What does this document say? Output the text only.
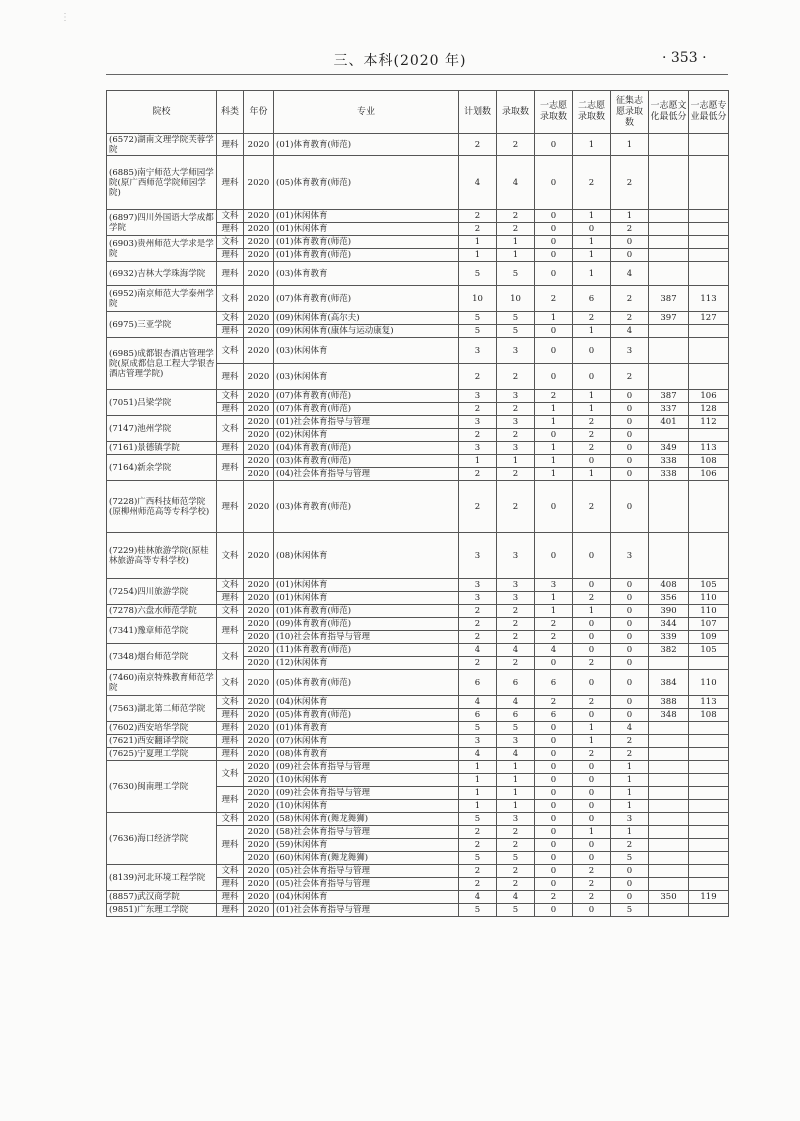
⋮
三、本科(2020 年)	· 353 ·
院校	科类	年份	专业	计划数	录取数	一志愿录取数	二志愿录取数	征集志愿录取数	一志愿文化最低分	一志愿专业最低分
(6572)湖南文理学院芙蓉学院	理科	2020	(01)体育教育(师范)	2	2	0	1	1		
(6885)南宁师范大学师园学院(原广西师范学院师园学院)	理科	2020	(05)体育教育(师范)	4	4	0	2	2		
(6897)四川外国语大学成都学院	文科	2020	(01)休闲体育	2	2	0	1	1		
	理科	2020	(01)休闲体育	2	2	0	0	2		
(6903)贵州师范大学求是学院	文科	2020	(01)体育教育(师范)	1	1	0	1	0		
	理科	2020	(01)体育教育(师范)	1	1	0	1	0		
(6932)吉林大学珠海学院	理科	2020	(03)体育教育	5	5	0	1	4		
(6952)南京师范大学泰州学院	文科	2020	(07)体育教育(师范)	10	10	2	6	2	387	113
(6975)三亚学院	文科	2020	(09)休闲体育(高尔夫)	5	5	1	2	2	397	127
	理科	2020	(09)休闲体育(康体与运动康复)	5	5	0	1	4		
(6985)成都银杏酒店管理学院(原成都信息工程大学银杏酒店管理学院)	文科	2020	(03)休闲体育	3	3	0	0	3		
	理科	2020	(03)休闲体育	2	2	0	0	2		
(7051)吕梁学院	文科	2020	(07)体育教育(师范)	3	3	2	1	0	387	106
	理科	2020	(07)体育教育(师范)	2	2	1	1	0	337	128
(7147)池州学院	文科	2020	(01)社会体育指导与管理	3	3	1	2	0	401	112
		2020	(02)休闲体育	2	2	0	2	0		
(7161)景德镇学院	理科	2020	(04)体育教育(师范)	3	3	1	2	0	349	113
(7164)新余学院	理科	2020	(03)体育教育(师范)	1	1	1	0	0	338	108
		2020	(04)社会体育指导与管理	2	2	1	1	0	338	106
(7228)广西科技师范学院(原柳州师范高等专科学校)	理科	2020	(03)体育教育(师范)	2	2	0	2	0		
(7229)桂林旅游学院(原桂林旅游高等专科学校)	文科	2020	(08)休闲体育	3	3	0	0	3		
(7254)四川旅游学院	文科	2020	(01)休闲体育	3	3	3	0	0	408	105
	理科	2020	(01)休闲体育	3	3	1	2	0	356	110
(7278)六盘水师范学院	文科	2020	(01)体育教育(师范)	2	2	1	1	0	390	110
(7341)豫章师范学院	理科	2020	(09)体育教育(师范)	2	2	2	0	0	344	107
		2020	(10)社会体育指导与管理	2	2	2	0	0	339	109
(7348)烟台师范学院	文科	2020	(11)体育教育(师范)	4	4	4	0	0	382	105
		2020	(12)休闲体育	2	2	0	2	0		
(7460)南京特殊教育师范学院	文科	2020	(05)体育教育(师范)	6	6	6	0	0	384	110
(7563)湖北第二师范学院	文科	2020	(04)休闲体育	4	4	2	2	0	388	113
	理科	2020	(05)体育教育(师范)	6	6	6	0	0	348	108
(7602)西安培华学院	理科	2020	(01)体育教育	5	5	0	1	4		
(7621)西安翻译学院	理科	2020	(07)休闲体育	3	3	0	1	2		
(7625)宁夏理工学院	理科	2020	(08)体育教育	4	4	0	2	2		
(7630)闽南理工学院	文科	2020	(09)社会体育指导与管理	1	1	0	0	1		
		2020	(10)休闲体育	1	1	0	0	1		
	理科	2020	(09)社会体育指导与管理	1	1	0	0	1		
		2020	(10)休闲体育	1	1	0	0	1		
(7636)海口经济学院	文科	2020	(58)休闲体育(舞龙舞狮)	5	3	0	0	3		
	理科	2020	(58)社会体育指导与管理	2	2	0	1	1		
		2020	(59)休闲体育	2	2	0	0	2		
		2020	(60)休闲体育(舞龙舞狮)	5	5	0	0	5		
(8139)河北环境工程学院	文科	2020	(05)社会体育指导与管理	2	2	0	2	0		
	理科	2020	(05)社会体育指导与管理	2	2	0	2	0		
(8857)武汉商学院	理科	2020	(04)休闲体育	4	4	2	2	0	350	119
(9851)广东理工学院	理科	2020	(01)社会体育指导与管理	5	5	0	0	5		
